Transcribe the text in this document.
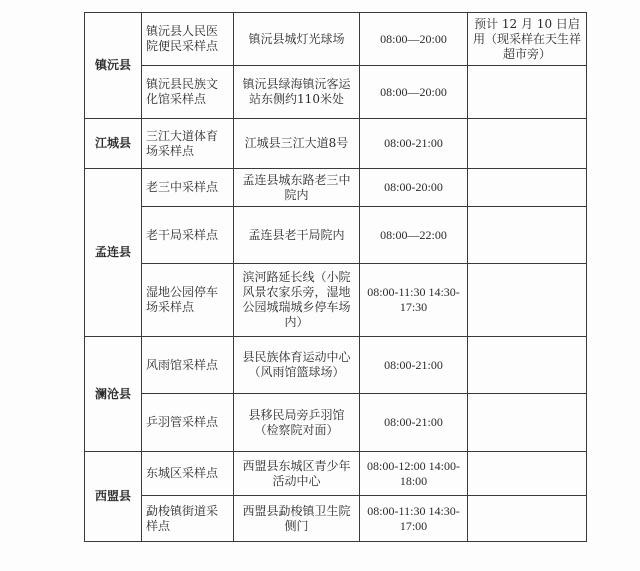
镇沅县	镇沅县人民医院便民采样点	镇沅县城灯光球场	08:00—20:00	预计 12 月 10 日启用（现采样在天生祥超市旁）
	镇沅县民族文化馆采样点	镇沅县绿海镇沅客运站东侧约110米处	08:00—20:00	
江城县	三江大道体育场采样点	江城县三江大道8号	08:00-21:00	
孟连县	老三中采样点	孟连县城东路老三中院内	08:00-20:00	
	老干局采样点	孟连县老干局院内	08:00—22:00	
	湿地公园停车场采样点	滨河路延长线（小院风景农家乐旁，湿地公园城瑞城乡停车场内）	08:00-11:30 14:30-17:30	
澜沧县	风雨馆采样点	县民族体育运动中心（风雨馆篮球场）	08:00-21:00	
	乒羽管采样点	县移民局旁乒羽馆（检察院对面）	08:00-21:00	
西盟县	东城区采样点	西盟县东城区青少年活动中心	08:00-12:00 14:00-18:00	
	勐梭镇街道采样点	西盟县勐梭镇卫生院侧门	08:00-11:30 14:30-17:00	
